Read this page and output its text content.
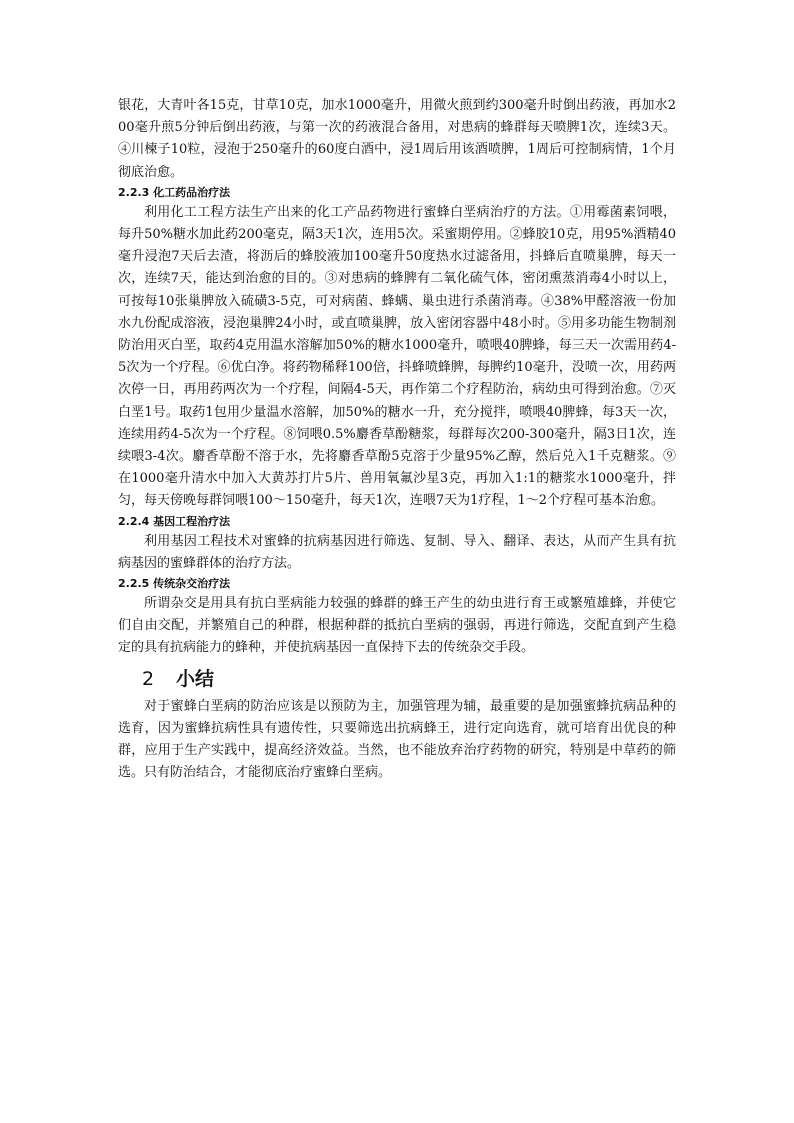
银花，大青叶各15克，甘草10克，加水1000毫升，用微火煎到约300毫升时倒出药液，再加水200毫升煎5分钟后倒出药液，与第一次的药液混合备用，对患病的蜂群每天喷脾1次，连续3天。④川楝子10粒，浸泡于250毫升的60度白酒中，浸1周后用该酒喷脾，1周后可控制病情，1个月彻底治愈。

2.2.3 化工药品治疗法

利用化工工程方法生产出来的化工产品药物进行蜜蜂白垩病治疗的方法。①用霉菌素饲喂，每升50%糖水加此药200毫克，隔3天1次，连用5次。采蜜期停用。②蜂胶10克，用95%酒精40毫升浸泡7天后去渣，将沥后的蜂胶液加100毫升50度热水过滤备用，抖蜂后直喷巢脾，每天一次，连续7天，能达到治愈的目的。③对患病的蜂脾有二氧化硫气体，密闭熏蒸消毒4小时以上，可按每10张巢脾放入硫磺3-5克，可对病菌、蜂螨、巢虫进行杀菌消毒。④38%甲醛溶液一份加水九份配成溶液，浸泡巢脾24小时，或直喷巢脾，放入密闭容器中48小时。⑤用多功能生物制剂防治用灭白垩，取药4克用温水溶解加50%的糖水1000毫升，喷喂40脾蜂，每三天一次需用药4-5次为一个疗程。⑥优白净。将药物稀释100倍，抖蜂喷蜂脾，每脾约10毫升，没喷一次，用药两次停一日，再用药两次为一个疗程，间隔4-5天，再作第二个疗程防治，病幼虫可得到治愈。⑦灭白垩1号。取药1包用少量温水溶解，加50%的糖水一升，充分搅拌，喷喂40脾蜂，每3天一次，连续用药4-5次为一个疗程。⑧饲喂0.5%麝香草酚糖浆，每群每次200-300毫升，隔3日1次，连续喂3-4次。麝香草酚不溶于水，先将麝香草酚5克溶于少量95%乙醇，然后兑入1千克糖浆。⑨在1000毫升清水中加入大黄苏打片5片、兽用氧氟沙星3克，再加入1:1的糖浆水1000毫升，拌匀，每天傍晚每群饲喂100～150毫升，每天1次，连喂7天为1疗程，1～2个疗程可基本治愈。

2.2.4 基因工程治疗法

利用基因工程技术对蜜蜂的抗病基因进行筛选、复制、导入、翻译、表达，从而产生具有抗病基因的蜜蜂群体的治疗方法。

2.2.5 传统杂交治疗法

所谓杂交是用具有抗白垩病能力较强的蜂群的蜂王产生的幼虫进行育王或繁殖雄蜂，并使它们自由交配，并繁殖自己的种群，根据种群的抵抗白垩病的强弱，再进行筛选，交配直到产生稳定的具有抗病能力的蜂种，并使抗病基因一直保持下去的传统杂交手段。

2 小结

对于蜜蜂白垩病的防治应该是以预防为主，加强管理为辅，最重要的是加强蜜蜂抗病品种的选育，因为蜜蜂抗病性具有遗传性，只要筛选出抗病蜂王，进行定向选育，就可培育出优良的种群，应用于生产实践中，提高经济效益。当然，也不能放弃治疗药物的研究，特别是中草药的筛选。只有防治结合，才能彻底治疗蜜蜂白垩病。
